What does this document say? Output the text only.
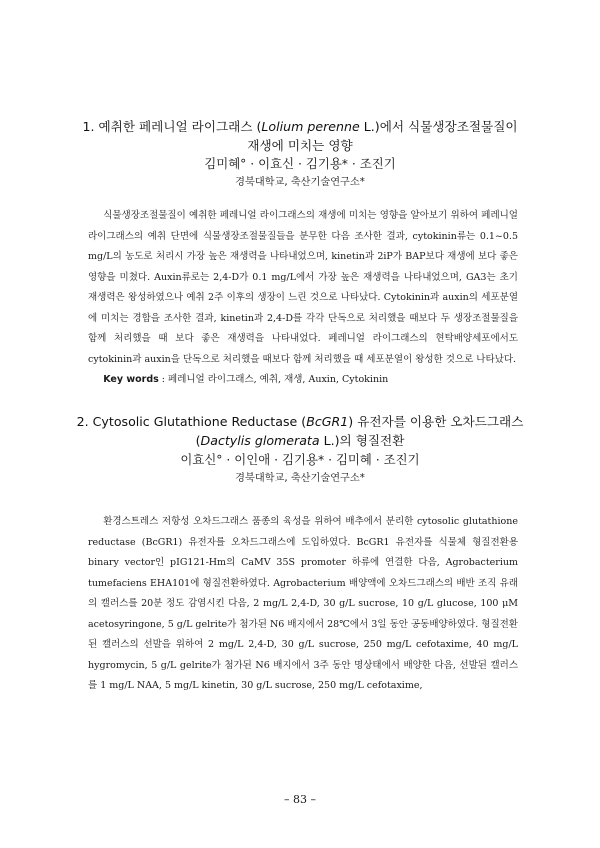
1. 예취한 페레니얼 라이그래스 (Lolium perenne L.)에서 식물생장조절물질이
재생에 미치는 영향
김미혜° · 이효신 · 김기용* · 조진기
경북대학교, 축산기술연구소*

식물생장조절물질이 예취한 페레니얼 라이그래스의 재생에 미치는 영향을 알아보기 위하여 페레니얼 라이그래스의 예취 단면에 식물생장조절물질들을 분무한 다음 조사한 결과, cytokinin류는 0.1~0.5 mg/L의 농도로 처리시 가장 높은 재생력을 나타내었으며, kinetin과 2iP가 BAP보다 재생에 보다 좋은 영향을 미쳤다. Auxin류로는 2,4-D가 0.1 mg/L에서 가장 높은 재생력을 나타내었으며, GA3는 초기 재생력은 왕성하였으나 예취 2주 이후의 생장이 느린 것으로 나타났다. Cytokinin과 auxin의 세포분열에 미치는 경합을 조사한 결과, kinetin과 2,4-D를 각각 단독으로 처리했을 때보다 두 생장조절물질을 함께 처리했을 때 보다 좋은 재생력을 나타내었다. 페레니얼 라이그래스의 현탁배양세포에서도 cytokinin과 auxin을 단독으로 처리했을 때보다 함께 처리했을 때 세포분열이 왕성한 것으로 나타났다.

Key words : 페레니얼 라이그래스, 예취, 재생, Auxin, Cytokinin

2. Cytosolic Glutathione Reductase (BcGR1) 유전자를 이용한 오차드그래스
(Dactylis glomerata L.)의 형질전환
이효신° · 이인애 · 김기용* · 김미혜 · 조진기
경북대학교, 축산기술연구소*

환경스트레스 저항성 오차드그래스 품종의 육성을 위하여 배추에서 분리한 cytosolic glutathione reductase (BcGR1) 유전자를 오차드그래스에 도입하였다. BcGR1 유전자를 식물체 형질전환용 binary vector인 pIG121-Hm의 CaMV 35S promoter 하류에 연결한 다음, Agrobacterium tumefaciens EHA101에 형질전환하였다. Agrobacterium 배양액에 오차드그래스의 배반 조직 유래의 캘러스를 20분 정도 감염시킨 다음, 2 mg/L 2,4-D, 30 g/L sucrose, 10 g/L glucose, 100 μM acetosyringone, 5 g/L gelrite가 첨가된 N6 배지에서 28℃에서 3일 동안 공동배양하였다. 형질전환된 캘러스의 선발을 위하여 2 mg/L 2,4-D, 30 g/L sucrose, 250 mg/L cefotaxime, 40 mg/L hygromycin, 5 g/L gelrite가 첨가된 N6 배지에서 3주 동안 명상태에서 배양한 다음, 선발된 캘러스를 1 mg/L NAA, 5 mg/L kinetin, 30 g/L sucrose, 250 mg/L cefotaxime,

– 83 –
